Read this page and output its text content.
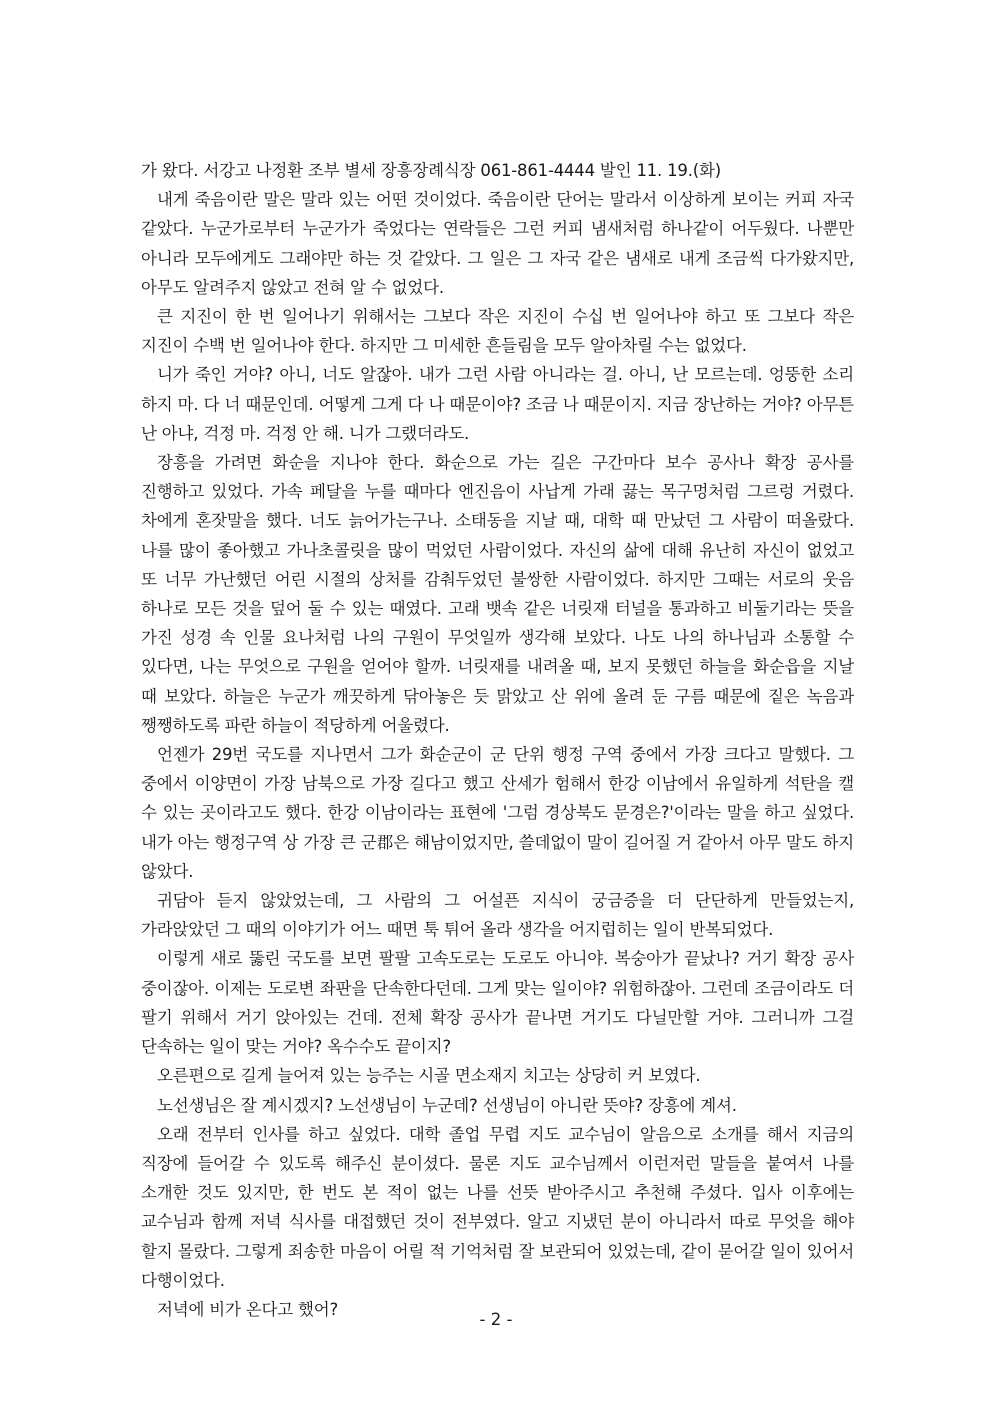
가 왔다. 서강고 나정환 조부 별세 장흥장례식장 061-861-4444 발인 11. 19.(화)

내게 죽음이란 말은 말라 있는 어떤 것이었다. 죽음이란 단어는 말라서 이상하게 보이는 커피 자국 같았다. 누군가로부터 누군가가 죽었다는 연락들은 그런 커피 냄새처럼 하나같이 어두웠다. 나뿐만 아니라 모두에게도 그래야만 하는 것 같았다. 그 일은 그 자국 같은 냄새로 내게 조금씩 다가왔지만, 아무도 알려주지 않았고 전혀 알 수 없었다.

큰 지진이 한 번 일어나기 위해서는 그보다 작은 지진이 수십 번 일어나야 하고 또 그보다 작은 지진이 수백 번 일어나야 한다. 하지만 그 미세한 흔들림을 모두 알아차릴 수는 없었다.

니가 죽인 거야? 아니, 너도 알잖아. 내가 그런 사람 아니라는 걸. 아니, 난 모르는데. 엉뚱한 소리 하지 마. 다 너 때문인데. 어떻게 그게 다 나 때문이야? 조금 나 때문이지. 지금 장난하는 거야? 아무튼 난 아냐, 걱정 마. 걱정 안 해. 니가 그랬더라도.

장흥을 가려면 화순을 지나야 한다. 화순으로 가는 길은 구간마다 보수 공사나 확장 공사를 진행하고 있었다. 가속 페달을 누를 때마다 엔진음이 사납게 가래 끓는 목구멍처럼 그르렁 거렸다. 차에게 혼잣말을 했다. 너도 늙어가는구나. 소태동을 지날 때, 대학 때 만났던 그 사람이 떠올랐다. 나를 많이 좋아했고 가나초콜릿을 많이 먹었던 사람이었다. 자신의 삶에 대해 유난히 자신이 없었고 또 너무 가난했던 어린 시절의 상처를 감춰두었던 불쌍한 사람이었다. 하지만 그때는 서로의 웃음 하나로 모든 것을 덮어 둘 수 있는 때였다. 고래 뱃속 같은 너릿재 터널을 통과하고 비둘기라는 뜻을 가진 성경 속 인물 요나처럼 나의 구원이 무엇일까 생각해 보았다. 나도 나의 하나님과 소통할 수 있다면, 나는 무엇으로 구원을 얻어야 할까. 너릿재를 내려올 때, 보지 못했던 하늘을 화순읍을 지날 때 보았다. 하늘은 누군가 깨끗하게 닦아놓은 듯 맑았고 산 위에 올려 둔 구름 때문에 짙은 녹음과 쨍쨍하도록 파란 하늘이 적당하게 어울렸다.

언젠가 29번 국도를 지나면서 그가 화순군이 군 단위 행정 구역 중에서 가장 크다고 말했다. 그 중에서 이양면이 가장 남북으로 가장 길다고 했고 산세가 험해서 한강 이남에서 유일하게 석탄을 캘 수 있는 곳이라고도 했다. 한강 이남이라는 표현에 '그럼 경상북도 문경은?'이라는 말을 하고 싶었다. 내가 아는 행정구역 상 가장 큰 군郡은 해남이었지만, 쓸데없이 말이 길어질 거 같아서 아무 말도 하지 않았다.

귀담아 듣지 않았었는데, 그 사람의 그 어설픈 지식이 궁금증을 더 단단하게 만들었는지, 가라앉았던 그 때의 이야기가 어느 때면 툭 튀어 올라 생각을 어지럽히는 일이 반복되었다.

이렇게 새로 뚫린 국도를 보면 팔팔 고속도로는 도로도 아니야. 복숭아가 끝났나? 거기 확장 공사 중이잖아. 이제는 도로변 좌판을 단속한다던데. 그게 맞는 일이야? 위험하잖아. 그런데 조금이라도 더 팔기 위해서 거기 앉아있는 건데. 전체 확장 공사가 끝나면 거기도 다닐만할 거야. 그러니까 그걸 단속하는 일이 맞는 거야? 옥수수도 끝이지?

오른편으로 길게 늘어져 있는 능주는 시골 면소재지 치고는 상당히 커 보였다.

노선생님은 잘 계시겠지? 노선생님이 누군데? 선생님이 아니란 뜻야? 장흥에 계셔.

오래 전부터 인사를 하고 싶었다. 대학 졸업 무렵 지도 교수님이 알음으로 소개를 해서 지금의 직장에 들어갈 수 있도록 해주신 분이셨다. 물론 지도 교수님께서 이런저런 말들을 붙여서 나를 소개한 것도 있지만, 한 번도 본 적이 없는 나를 선뜻 받아주시고 추천해 주셨다. 입사 이후에는 교수님과 함께 저녁 식사를 대접했던 것이 전부였다. 알고 지냈던 분이 아니라서 따로 무엇을 해야 할지 몰랐다. 그렇게 죄송한 마음이 어릴 적 기억처럼 잘 보관되어 있었는데, 같이 묻어갈 일이 있어서 다행이었다.

저녁에 비가 온다고 했어?

- 2 -
